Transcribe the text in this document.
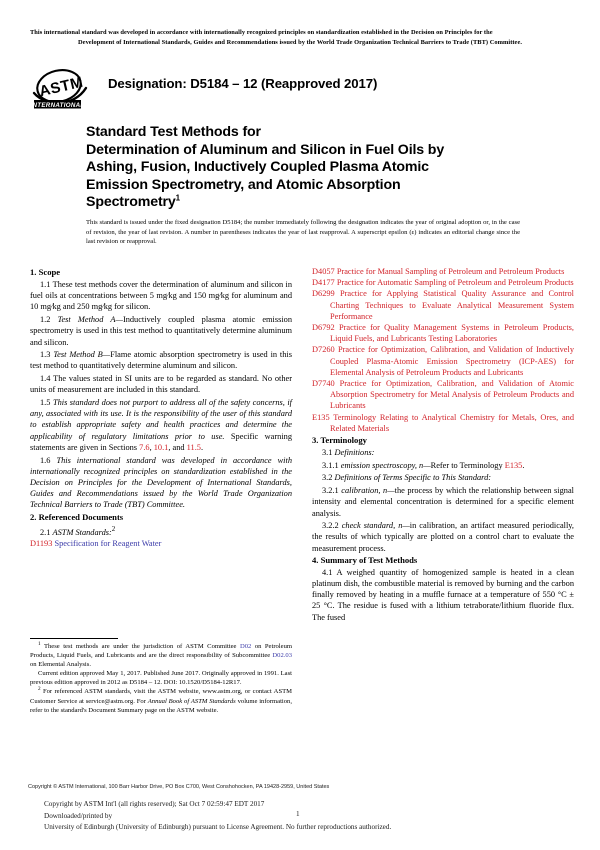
This international standard was developed in accordance with internationally recognized principles on standardization established in the Decision on Principles for the
Development of International Standards, Guides and Recommendations issued by the World Trade Organization Technical Barriers to Trade (TBT) Committee.
ASTM
INTERNATIONAL
Designation: D5184 – 12 (Reapproved 2017)
Standard Test Methods for
Determination of Aluminum and Silicon in Fuel Oils by
Ashing, Fusion, Inductively Coupled Plasma Atomic
Emission Spectrometry, and Atomic Absorption
Spectrometry$^1$
This standard is issued under the fixed designation D5184; the number immediately following the designation indicates the year of original adoption or, in the case of revision, the year of last revision. A number in parentheses indicates the year of last reapproval. A superscript epsilon (ε) indicates an editorial change since the last revision or reapproval.
1. Scope

1.1 These test methods cover the determination of aluminum and silicon in fuel oils at concentrations between 5 mg⁄kg and 150 mg⁄kg for aluminum and 10 mg⁄kg and 250 mg⁄kg for silicon.

1.2 Test Method A—Inductively coupled plasma atomic emission spectrometry is used in this test method to quantitatively determine aluminum and silicon.

1.3 Test Method B—Flame atomic absorption spectrometry is used in this test method to quantitatively determine aluminum and silicon.

1.4 The values stated in SI units are to be regarded as standard. No other units of measurement are included in this standard.

1.5 This standard does not purport to address all of the safety concerns, if any, associated with its use. It is the responsibility of the user of this standard to establish appropriate safety and health practices and determine the applicability of regulatory limitations prior to use. Specific warning statements are given in Sections 7.6, 10.1, and 11.5.

1.6 This international standard was developed in accordance with internationally recognized principles on standardization established in the Decision on Principles for the Development of International Standards, Guides and Recommendations issued by the World Trade Organization Technical Barriers to Trade (TBT) Committee.

2. Referenced Documents

2.1 ASTM Standards:$^2$

D1193 Specification for Reagent Water

D4057 Practice for Manual Sampling of Petroleum and Petroleum Products

D4177 Practice for Automatic Sampling of Petroleum and Petroleum Products

D6299 Practice for Applying Statistical Quality Assurance and Control Charting Techniques to Evaluate Analytical Measurement System Performance

D6792 Practice for Quality Management Systems in Petroleum Products, Liquid Fuels, and Lubricants Testing Laboratories

D7260 Practice for Optimization, Calibration, and Validation of Inductively Coupled Plasma-Atomic Emission Spectrometry (ICP-AES) for Elemental Analysis of Petroleum Products and Lubricants

D7740 Practice for Optimization, Calibration, and Validation of Atomic Absorption Spectrometry for Metal Analysis of Petroleum Products and Lubricants

E135 Terminology Relating to Analytical Chemistry for Metals, Ores, and Related Materials

3. Terminology

3.1 Definitions:

3.1.1 emission spectroscopy, n—Refer to Terminology E135.

3.2 Definitions of Terms Specific to This Standard:

3.2.1 calibration, n—the process by which the relationship between signal intensity and elemental concentration is determined for a specific element analysis.

3.2.2 check standard, n—in calibration, an artifact measured periodically, the results of which typically are plotted on a control chart to evaluate the measurement process.

4. Summary of Test Methods

4.1 A weighed quantity of homogenized sample is heated in a clean platinum dish, the combustible material is removed by burning and the carbon finally removed by heating in a muffle furnace at a temperature of 550 °C ± 25 °C. The residue is fused with a lithium tetraborate/lithium fluoride flux. The fused

$^1$ These test methods are under the jurisdiction of ASTM Committee D02 on Petroleum Products, Liquid Fuels, and Lubricants and are the direct responsibility of Subcommittee D02.03 on Elemental Analysis.

Current edition approved May 1, 2017. Published June 2017. Originally approved in 1991. Last previous edition approved in 2012 as D5184 – 12. DOI: 10.1520/D5184-12R17.

$^2$ For referenced ASTM standards, visit the ASTM website, www.astm.org, or contact ASTM Customer Service at service@astm.org. For Annual Book of ASTM Standards volume information, refer to the standard's Document Summary page on the ASTM website.

Copyright © ASTM International, 100 Barr Harbor Drive, PO Box C700, West Conshohocken, PA 19428-2959, United States
Copyright by ASTM Int'l (all rights reserved); Sat Oct 7 02:59:47 EDT 2017
Downloaded/printed by
University of Edinburgh (University of Edinburgh) pursuant to License Agreement. No further reproductions authorized.
1
